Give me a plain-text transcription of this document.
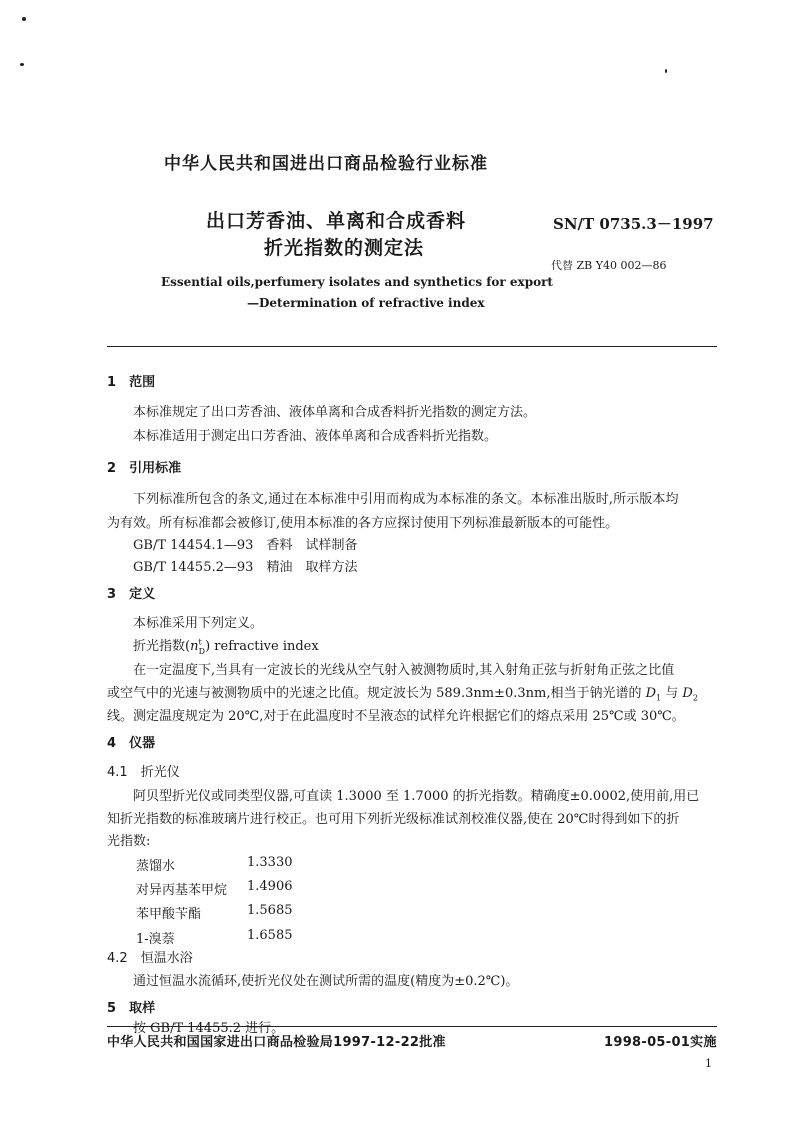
中华人民共和国进出口商品检验行业标准
出口芳香油、单离和合成香料
折光指数的测定法
SN/T 0735.3－1997
代替 ZB Y40 002—86
Essential oils,perfumery isolates and synthetics for export
—Determination of refractive index
1　 范围
本标准规定了出口芳香油、液体单离和合成香料折光指数的测定方法。
本标准适用于测定出口芳香油、液体单离和合成香料折光指数。
2　 引用标准
下列标准所包含的条文,通过在本标准中引用而构成为本标准的条文。本标准出版时,所示版本均
为有效。所有标准都会被修订,使用本标准的各方应探讨使用下列标准最新版本的可能性。
GB/T 14454.1—93　 香料　试样制备
GB/T 14455.2—93　 精油　取样方法
3　 定义
本标准采用下列定义。
折光指数$(n^t_D)$ refractive index
在一定温度下,当具有一定波长的光线从空气射入被测物质时,其入射角正弦与折射角正弦之比值
或空气中的光速与被测物质中的光速之比值。规定波长为 589.3nm±0.3nm,相当于钠光谱的 $D_1$ 与 $D_2$
线。测定温度规定为 20℃,对于在此温度时不呈液态的试样允许根据它们的熔点采用 25℃或 30℃。
4　 仪器
4.1　 折光仪
阿贝型折光仪或同类型仪器,可直读 1.3000 至 1.7000 的折光指数。精确度±0.0002,使用前,用已
知折光指数的标准玻璃片进行校正。也可用下列折光级标准试剂校准仪器,使在 20℃时得到如下的折
光指数:
蒸馏水	1.3330
对异丙基苯甲烷 1.4906
苯甲酸苄酯	1.5685
1-溴萘	1.6585
4.2　 恒温水浴
通过恒温水流循环,使折光仪处在测试所需的温度(精度为±0.2℃)。
5　 取样
按 GB/T 14455.2 进行。
中华人民共和国国家进出口商品检验局1997-12-22批准	1998-05-01实施
1
